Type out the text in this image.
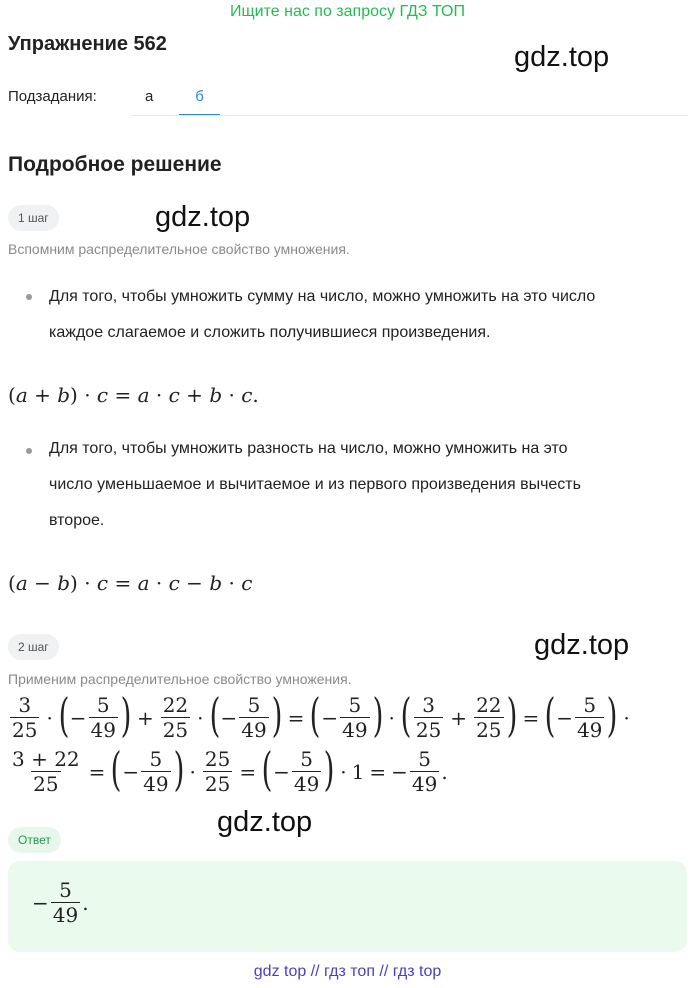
Ищите нас по запросу ГДЗ ТОП
Упражнение 562	gdz.top
Подзадания:	а	б
Подробное решение
1 шаг	gdz.top
Вспомним распределительное свойство умножения.
Для того, чтобы умножить сумму на число, можно умножить на это число
каждое слагаемое и сложить получившиеся произведения.
(a + b) · c = a · c + b · c.
Для того, чтобы умножить разность на число, можно умножить на это
число уменьшаемое и вычитаемое и из первого произведения вычесть
второе.
(a − b) · c = a · c − b · c
2 шаг	gdz.top
Применим распределительное свойство умножения.
$\frac{3}{25}$ · ( − $\frac{5}{49}$ ) + $\frac{22}{25}$ · ( − $\frac{5}{49}$ ) = ( − $\frac{5}{49}$ ) · ( $\frac{3}{25} + \frac{22}{25}$ ) = ( − $\frac{5}{49}$ ) ·
$\frac{3 + 22}{25}$ = ( − $\frac{5}{49}$ ) · $\frac{25}{25}$ = ( − $\frac{5}{49}$ ) · 1 = − $\frac{5}{49}$ .
gdz.top
Ответ
− $\frac{5}{49}$ .
gdz top // гдз топ // гдз top
